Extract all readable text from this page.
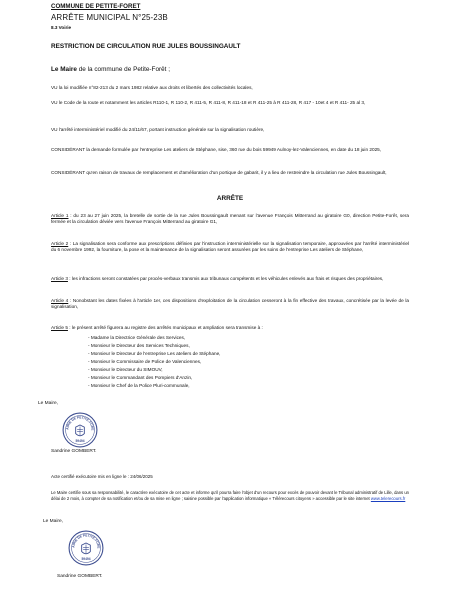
COMMUNE DE PETITE-FORET
ARRÊTE MUNICIPAL N°25-23B
8.3 Voirie
RESTRICTION DE CIRCULATION RUE JULES BOUSSINGAULT
Le Maire de la commune de Petite-Forêt ;
VU la loi modifiée n°82-213 du 2 mars 1982 relative aux droits et libertés des collectivités locales,
VU le Code de la route et notamment les articles R110-1, R 110-2, R 411-5, R 411-8, R 411-18 et R 411-25 à R 411-28, R 417 - 10et 4 et R 411- 25 al 3,
VU l'arrêté interministériel modifié du 24/11/67, portant instruction générale sur la signalisation routière,
CONSIDÉRANT la demande formulée par l'entreprise Les ateliers de Stéphane, sise, 360 rue du bois 59949 Aulnoy-lez-Valenciennes, en date du 18 juin 2025,
CONSIDÉRANT qu'en raison de travaux de remplacement et d'amélioration d'un portique de gabarit, il y a lieu de restreindre la circulation rue Jules Boussingault,
ARRÊTE
Article 1 : du 23 au 27 juin 2025, la bretelle de sortie de la rue Jules Boussingault menant sur l'avenue François Mitterrand au giratoire G0, direction Petite-Forêt, sera fermée et la circulation déviée vers l'avenue François Mitterrand au giratoire G1,
Article 2 : La signalisation sera conforme aux prescriptions définies par l'instruction interministérielle sur la signalisation temporaire, approuvées par l'arrêté interministériel du 6 novembre 1992, la fourniture, la pose et la maintenance de la signalisation seront assurées par les soins de l'entreprise Les ateliers de Stéphane,
Article 3 : les infractions seront constatées par procès-verbaux transmis aux tribunaux compétents et les véhicules enlevés aux frais et risques des propriétaires,
Article 4 : Nonobstant les dates fixées à l'article 1er, ces dispositions d'exploitation de la circulation cesseront à la fin effective des travaux, concrétisée par la levée de la signalisation,
Article 5 : le présent arrêté figurera au registre des arrêtés municipaux et ampliation sera transmise à :
- Madame la Directrice Générale des Services,
- Monsieur le Directeur des Services Techniques,
- Monsieur le Directeur de l'entreprise Les ateliers de Stéphane,
- Monsieur le Commissaire de Police de Valenciennes,
- Monsieur le Directeur du SIMOUV,
- Monsieur le Commandant des Pompiers d'Anzin,
- Monsieur le Chef de la Police Pluri-communale,
Le Maire,
AIRIE DE PETITE-FORE
59494
Sandrine GOMBERT.
Acte certifié exécutoire mis en ligne le : 24/06/2025
Le Maire certifie sous sa responsabilité, le caractère exécutoire de cet acte et informe qu'il pourra faire l'objet d'un recours pour excès de pouvoir devant le Tribunal administratif de Lille, dans un délai de 2 mois, à compter de sa notification et/ou de sa mise en ligne ; saisine possible par l'application informatique « Télérecours citoyens » accessible par le site internet www.telerecours.fr
Le Maire,
AIRIE DE PETITE-FORE
59494
Sandrine GOMBERT.
